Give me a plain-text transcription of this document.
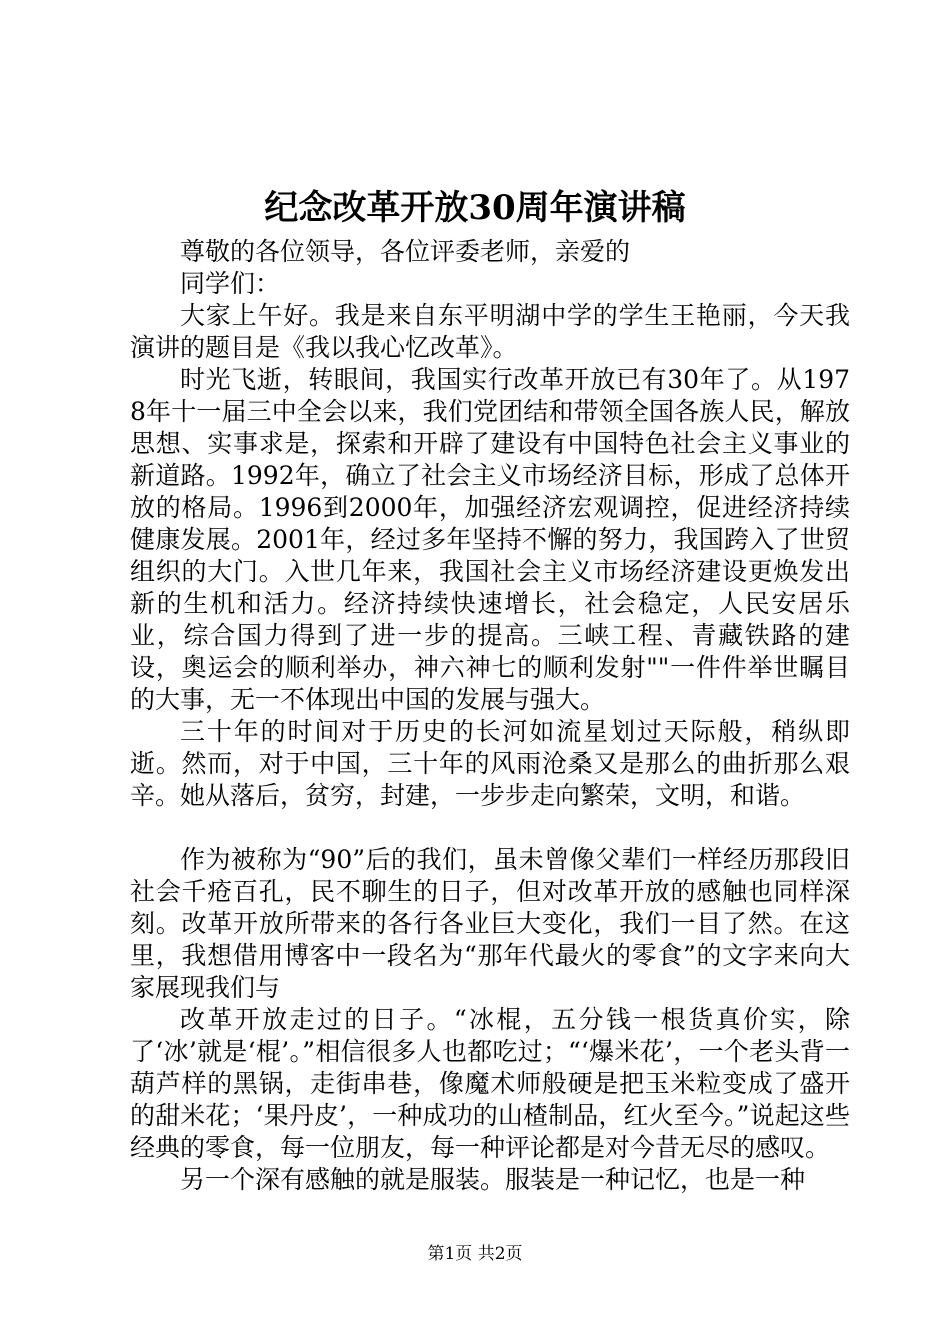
纪念改革开放30周年演讲稿

尊敬的各位领导，各位评委老师，亲爱的

同学们：

大家上午好。我是来自东平明湖中学的学生王艳丽，今天我演讲的题目是《我以我心忆改革》。

时光飞逝，转眼间，我国实行改革开放已有30年了。从1978年十一届三中全会以来，我们党团结和带领全国各族人民，解放思想、实事求是，探索和开辟了建设有中国特色社会主义事业的新道路。1992年，确立了社会主义市场经济目标，形成了总体开放的格局。1996到2000年，加强经济宏观调控，促进经济持续健康发展。2001年，经过多年坚持不懈的努力，我国跨入了世贸组织的大门。入世几年来，我国社会主义市场经济建设更焕发出新的生机和活力。经济持续快速增长，社会稳定，人民安居乐业，综合国力得到了进一步的提高。三峡工程、青藏铁路的建设，奥运会的顺利举办，神六神七的顺利发射""一件件举世瞩目的大事，无一不体现出中国的发展与强大。

三十年的时间对于历史的长河如流星划过天际般，稍纵即逝。然而，对于中国，三十年的风雨沧桑又是那么的曲折那么艰辛。她从落后，贫穷，封建，一步步走向繁荣，文明，和谐。

作为被称为“90”后的我们，虽未曾像父辈们一样经历那段旧社会千疮百孔，民不聊生的日子，但对改革开放的感触也同样深刻。改革开放所带来的各行各业巨大变化，我们一目了然。在这里，我想借用博客中一段名为“那年代最火的零食”的文字来向大家展现我们与

改革开放走过的日子。“冰棍，五分钱一根货真价实，除了‘冰’就是‘棍’。”相信很多人也都吃过；“‘爆米花’，一个老头背一葫芦样的黑锅，走街串巷，像魔术师般硬是把玉米粒变成了盛开的甜米花；‘果丹皮’，一种成功的山楂制品，红火至今。”说起这些经典的零食，每一位朋友，每一种评论都是对今昔无尽的感叹。

另一个深有感触的就是服装。服装是一种记忆，也是一种

第1页 共2页
